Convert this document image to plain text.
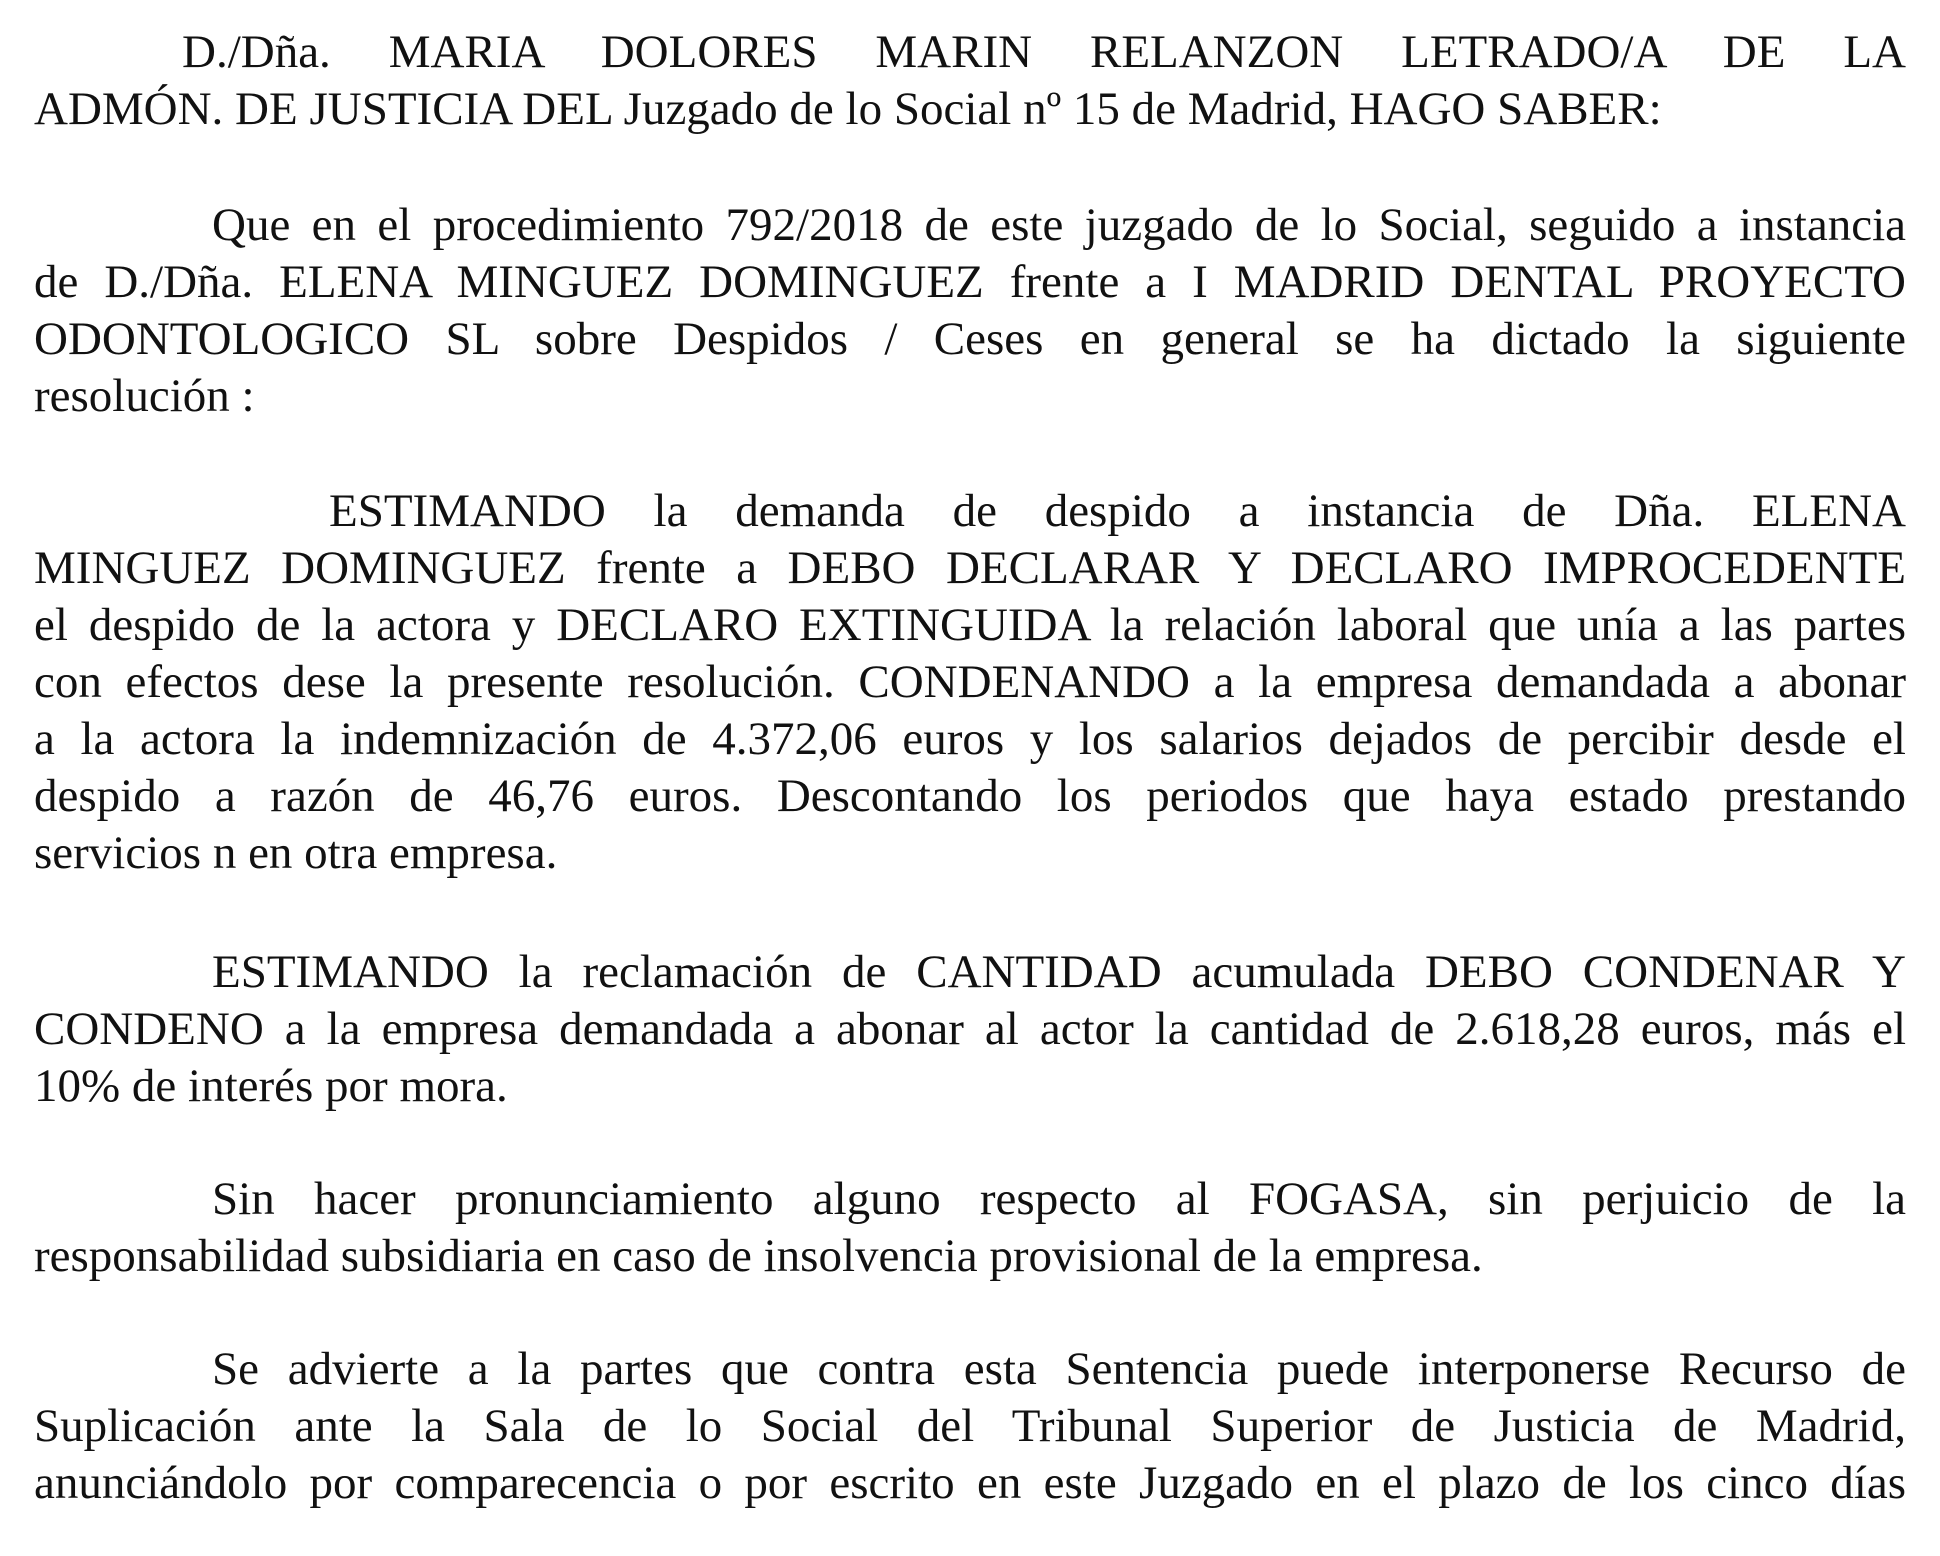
D./Dña. MARIA DOLORES MARIN RELANZON LETRADO/A DE LA
ADMÓN. DE JUSTICIA DEL Juzgado de lo Social nº 15 de Madrid, HAGO SABER:
Que en el procedimiento 792/2018 de este juzgado de lo Social, seguido a instancia
de D./Dña. ELENA MINGUEZ DOMINGUEZ frente a I MADRID DENTAL PROYECTO
ODONTOLOGICO SL sobre Despidos / Ceses en general se ha dictado la siguiente
resolución :
ESTIMANDO la demanda de despido a instancia de Dña. ELENA
MINGUEZ DOMINGUEZ frente a DEBO DECLARAR Y DECLARO IMPROCEDENTE
el despido de la actora y DECLARO EXTINGUIDA la relación laboral que unía a las partes
con efectos dese la presente resolución. CONDENANDO a la empresa demandada a abonar
a la actora la indemnización de 4.372,06 euros y los salarios dejados de percibir desde el
despido a razón de 46,76 euros. Descontando los periodos que haya estado prestando
servicios n en otra empresa.
ESTIMANDO la reclamación de CANTIDAD acumulada DEBO CONDENAR Y
CONDENO a la empresa demandada a abonar al actor la cantidad de 2.618,28 euros, más el
10% de interés por mora.
Sin hacer pronunciamiento alguno respecto al FOGASA, sin perjuicio de la
responsabilidad subsidiaria en caso de insolvencia provisional de la empresa.
Se advierte a la partes que contra esta Sentencia puede interponerse Recurso de
Suplicación ante la Sala de lo Social del Tribunal Superior de Justicia de Madrid,
anunciándolo por comparecencia o por escrito en este Juzgado en el plazo de los cinco días
